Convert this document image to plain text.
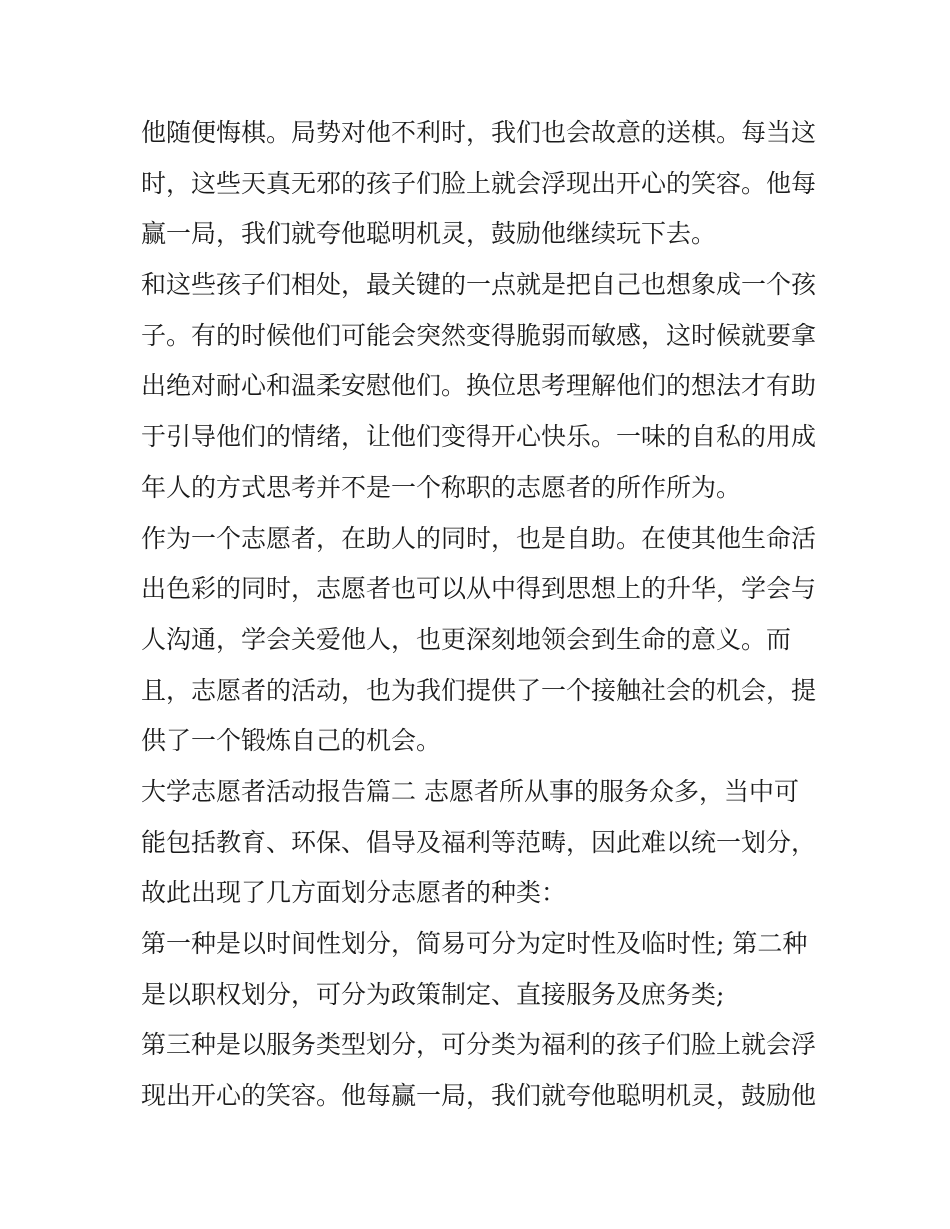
他随便悔棋。局势对他不利时，我们也会故意的送棋。每当这
时，这些天真无邪的孩子们脸上就会浮现出开心的笑容。他每
赢一局，我们就夸他聪明机灵，鼓励他继续玩下去。
和这些孩子们相处，最关键的一点就是把自己也想象成一个孩
子。有的时候他们可能会突然变得脆弱而敏感，这时候就要拿
出绝对耐心和温柔安慰他们。换位思考理解他们的想法才有助
于引导他们的情绪，让他们变得开心快乐。一味的自私的用成
年人的方式思考并不是一个称职的志愿者的所作所为。
作为一个志愿者，在助人的同时，也是自助。在使其他生命活
出色彩的同时，志愿者也可以从中得到思想上的升华，学会与
人沟通，学会关爱他人，也更深刻地领会到生命的意义。而
且，志愿者的活动，也为我们提供了一个接触社会的机会，提
供了一个锻炼自己的机会。
大学志愿者活动报告篇二 志愿者所从事的服务众多，当中可
能包括教育、环保、倡导及福利等范畴，因此难以统一划分，
故此出现了几方面划分志愿者的种类：
第一种是以时间性划分，简易可分为定时性及临时性; 第二种
是以职权划分，可分为政策制定、直接服务及庶务类;
第三种是以服务类型划分，可分类为福利的孩子们脸上就会浮
现出开心的笑容。他每赢一局，我们就夸他聪明机灵，鼓励他
